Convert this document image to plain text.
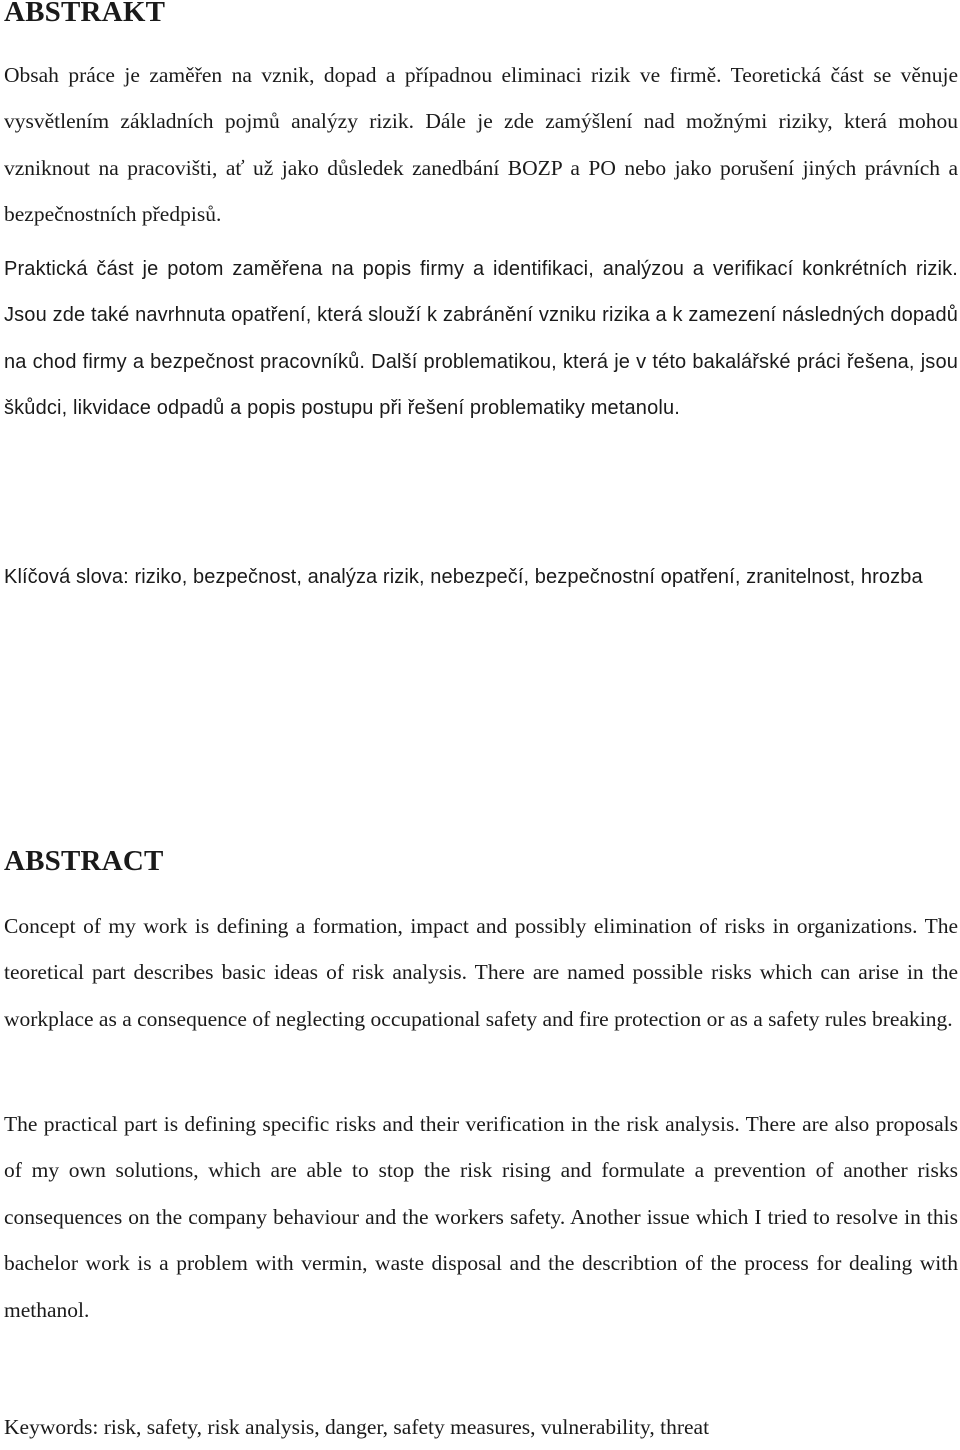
ABSTRAKT

Obsah práce je zaměřen na vznik, dopad a případnou eliminaci rizik ve firmě. Teoretická část se věnuje vysvětlením základních pojmů analýzy rizik. Dále je zde zamýšlení nad možnými riziky, která mohou vzniknout na pracovišti, ať už jako důsledek zanedbání BOZP a PO nebo jako porušení jiných právních a bezpečnostních předpisů.

Praktická část je potom zaměřena na popis firmy a identifikaci, analýzou a verifikací konkrétních rizik. Jsou zde také navrhnuta opatření, která slouží k zabránění vzniku rizika a k zamezení následných dopadů na chod firmy a bezpečnost pracovníků. Další problematikou, která je v této bakalářské práci řešena, jsou škůdci, likvidace odpadů a popis postupu při řešení problematiky metanolu.

Klíčová slova: riziko, bezpečnost, analýza rizik, nebezpečí, bezpečnostní opatření, zranitelnost, hrozba

ABSTRACT

Concept of my work is defining a formation, impact and possibly elimination of risks in organizations. The teoretical part describes basic ideas of risk analysis. There are named possible risks which can arise in the workplace as a consequence of neglecting occupational safety and fire protection or as a safety rules breaking.

The practical part is defining specific risks and their verification in the risk analysis. There are also proposals of my own solutions, which are able to stop the risk rising and formulate a prevention of another risks consequences on the company behaviour and the workers safety. Another issue which I tried to resolve in this bachelor work is a problem with vermin, waste disposal and the describtion of the process for dealing with methanol.

Keywords: risk, safety, risk analysis, danger, safety measures, vulnerability, threat
